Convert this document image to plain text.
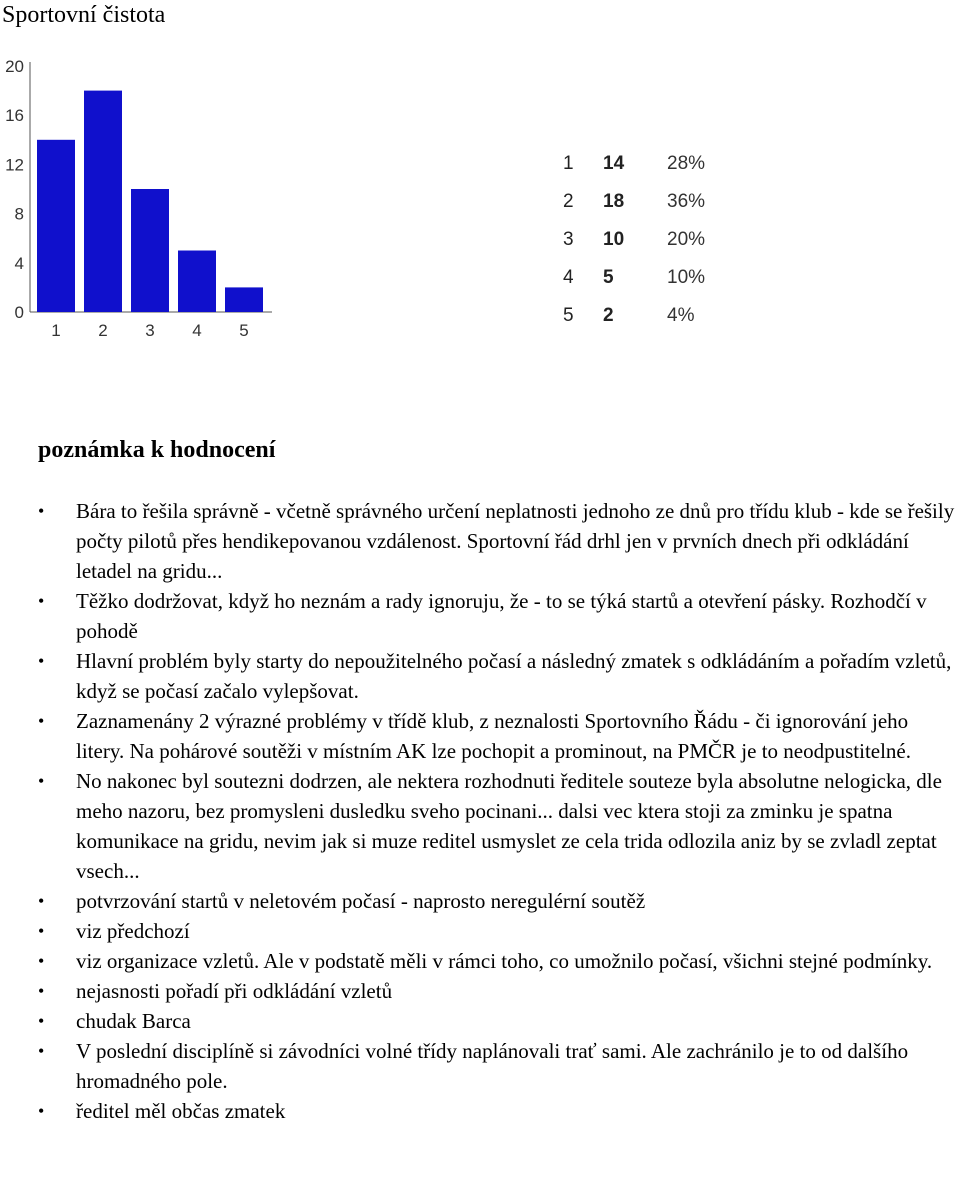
Sportovní čistota
0
4
8
12
16
20
1 2 3 4 5
1	14	28%
2	18	36%
3	10	20%
4	5	10%
5	2	4%
poznámka k hodnocení
• Bára to řešila správně - včetně správného určení neplatnosti jednoho ze dnů pro třídu klub - kde se řešily počty pilotů přes hendikepovanou vzdálenost. Sportovní řád drhl jen v prvních dnech při odkládání letadel na gridu...
• Těžko dodržovat, když ho neznám a rady ignoruju, že - to se týká startů a otevření pásky. Rozhodčí v pohodě
• Hlavní problém byly starty do nepoužitelného počasí a následný zmatek s odkládáním a pořadím vzletů, když se počasí začalo vylepšovat.
• Zaznamenány 2 výrazné problémy v třídě klub, z neznalosti Sportovního Řádu - či ignorování jeho litery. Na pohárové soutěži v místním AK lze pochopit a prominout, na PMČR je to neodpustitelné.
• No nakonec byl soutezni dodrzen, ale nektera rozhodnuti ředitele souteze byla absolutne nelogicka, dle meho nazoru, bez promysleni dusledku sveho pocinani... dalsi vec ktera stoji za zminku je spatna komunikace na gridu, nevim jak si muze reditel usmyslet ze cela trida odlozila aniz by se zvladl zeptat vsech...
• potvrzování startů v neletovém počasí - naprosto neregulérní soutěž
• viz předchozí
• viz organizace vzletů. Ale v podstatě měli v rámci toho, co umožnilo počasí, všichni stejné podmínky.
• nejasnosti pořadí při odkládání vzletů
• chudak Barca
• V poslední disciplíně si závodníci volné třídy naplánovali trať sami. Ale zachránilo je to od dalšího hromadného pole.
• ředitel měl občas zmatek
